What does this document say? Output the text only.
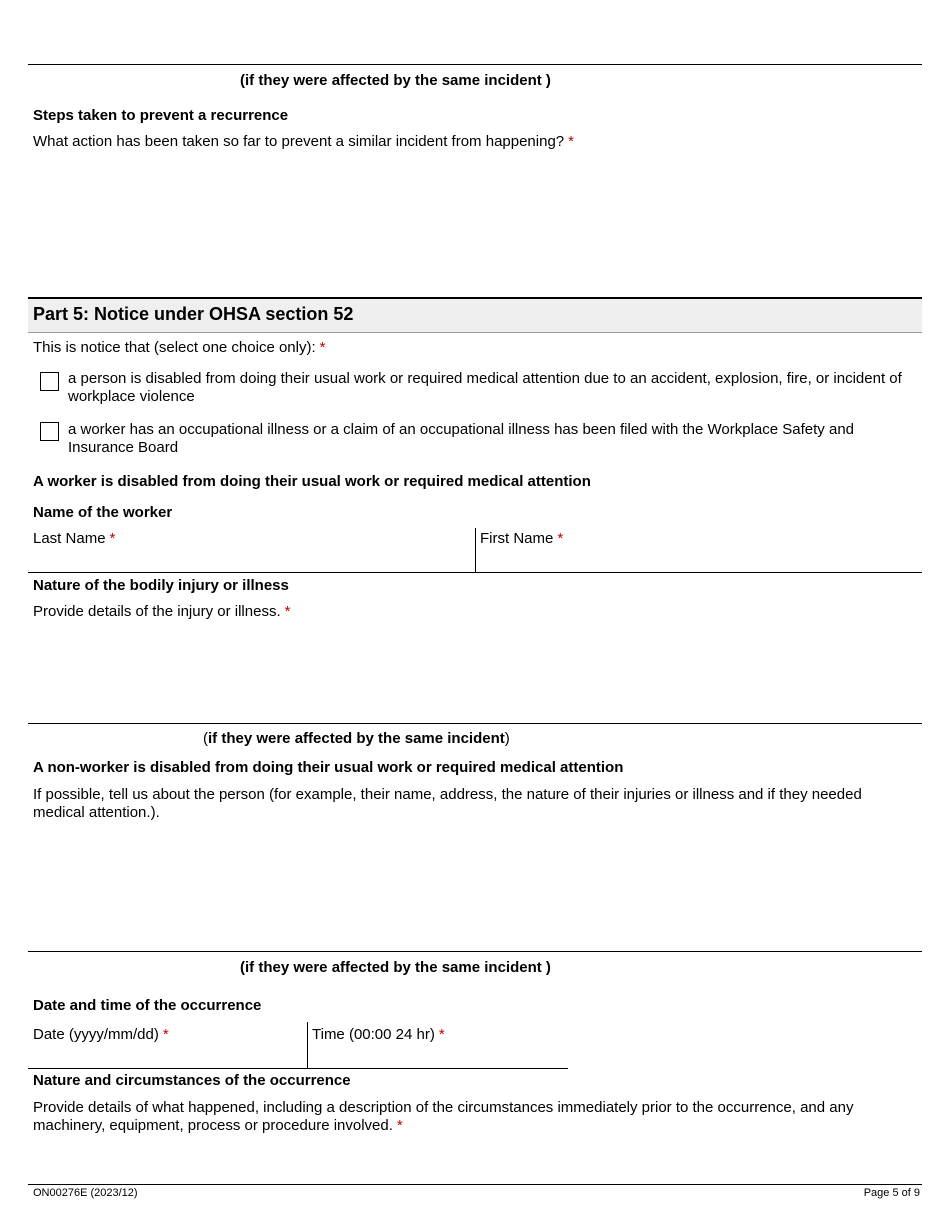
(if they were affected by the same incident )
Steps taken to prevent a recurrence
What action has been taken so far to prevent a similar incident from happening? *
Part 5: Notice under OHSA section 52
This is notice that (select one choice only): *
a person is disabled from doing their usual work or required medical attention due to an accident, explosion, fire, or incident of workplace violence
a worker has an occupational illness or a claim of an occupational illness has been filed with the Workplace Safety and Insurance Board
A worker is disabled from doing their usual work or required medical attention
Name of the worker
Last Name *	First Name *
Nature of the bodily injury or illness
Provide details of the injury or illness. *
(if they were affected by the same incident)
A non-worker is disabled from doing their usual work or required medical attention
If possible, tell us about the person (for example, their name, address, the nature of their injuries or illness and if they needed medical attention.).
(if they were affected by the same incident )
Date and time of the occurrence
Date (yyyy/mm/dd) *	Time (00:00 24 hr) *
Nature and circumstances of the occurrence
Provide details of what happened, including a description of the circumstances immediately prior to the occurrence, and any machinery, equipment, process or procedure involved. *
ON00276E (2023/12)	Page 5 of 9
